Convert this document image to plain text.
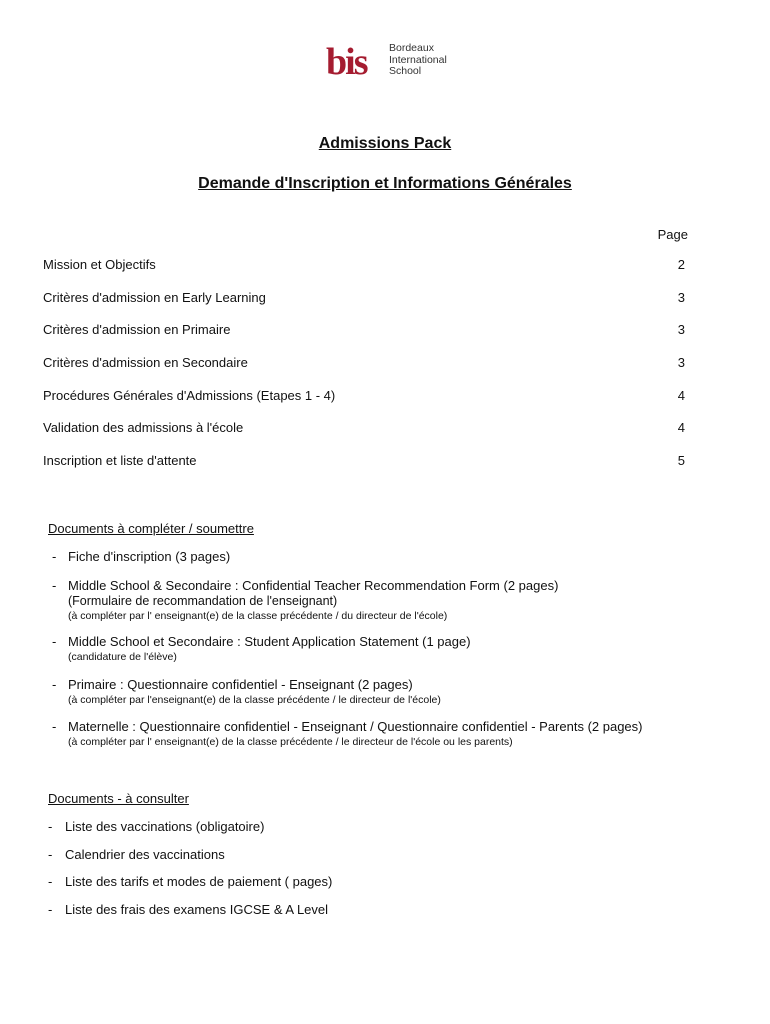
bis Bordeaux
International
School
Admissions Pack
Demande d'Inscription et Informations Générales
Page
Mission et Objectifs	2
Critères d'admission en Early Learning	3
Critères d'admission en Primaire	3
Critères d'admission en Secondaire	3
Procédures Générales d'Admissions (Etapes 1 - 4)	4
Validation des admissions à l'école	4
Inscription et liste d'attente	5
Documents à compléter / soumettre
- Fiche d'inscription (3 pages)
- Middle School & Secondaire : Confidential Teacher Recommendation Form (2 pages)
(Formulaire de recommandation de l'enseignant)
(à compléter par l' enseignant(e) de la classe précédente / du directeur de l'école)
- Middle School et Secondaire : Student Application Statement (1 page)
(candidature de l'élève)
- Primaire : Questionnaire confidentiel - Enseignant (2 pages)
(à compléter par l'enseignant(e) de la classe précédente / le directeur de l'école)
- Maternelle : Questionnaire confidentiel - Enseignant / Questionnaire confidentiel - Parents (2 pages)
(à compléter par l' enseignant(e) de la classe précédente / le directeur de l'école ou les parents)
Documents - à consulter
- Liste des vaccinations (obligatoire)
- Calendrier des vaccinations
- Liste des tarifs et modes de paiement ( pages)
- Liste des frais des examens IGCSE & A Level
